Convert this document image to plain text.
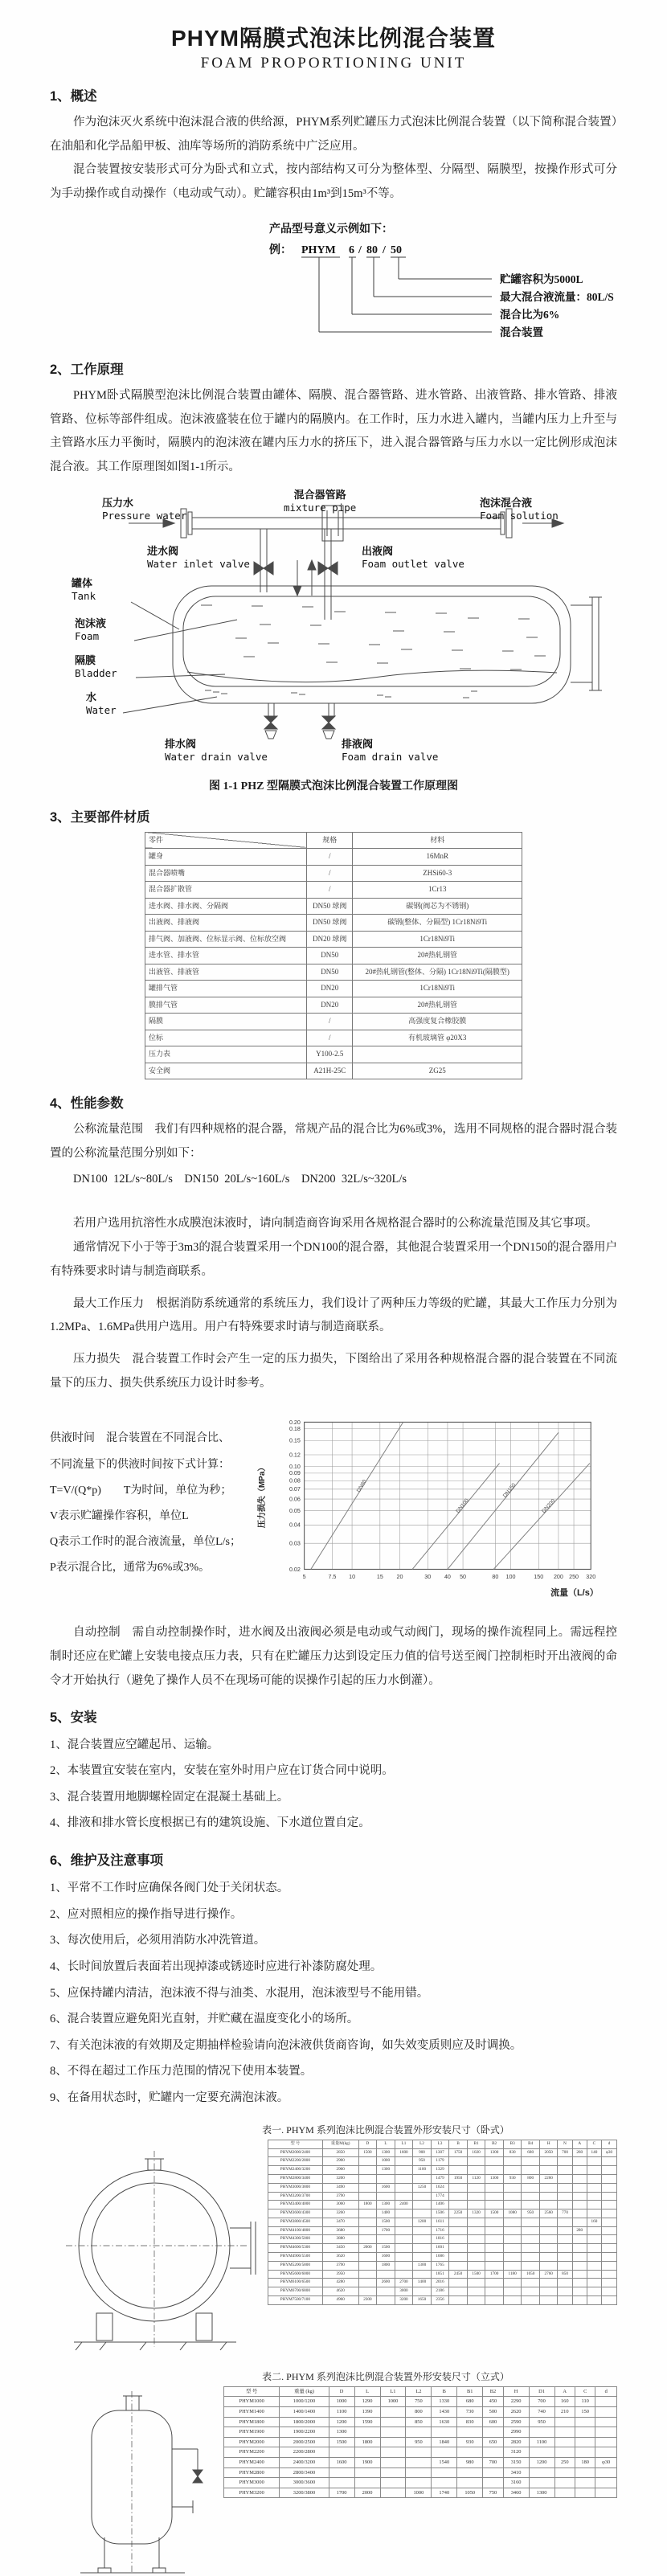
PHYM隔膜式泡沫比例混合装置
FOAM PROPORTIONING UNIT
1、概述

作为泡沫灭火系统中泡沫混合液的供给源，PHYM系列贮罐压力式泡沫比例混合装置（以下简称混合装置）在油船和化学品船甲板、油库等场所的消防系统中广泛应用。

混合装置按安装形式可分为卧式和立式，按内部结构又可分为整体型、分隔型、隔膜型，按操作形式可分为手动操作或自动操作（电动或气动）。贮罐容积由1m³到15m³不等。

产品型号意义示例如下：
例： PHYM 6 / 80 / 50
贮罐容积为5000L
最大混合液流量：80L/S
混合比为6%
混合装置
2、工作原理

PHYM卧式隔膜型泡沫比例混合装置由罐体、隔膜、混合器管路、进水管路、出液管路、排水管路、排液管路、位标等部件组成。泡沫液盛装在位于罐内的隔膜内。在工作时，压力水进入罐内，当罐内压力上升至与主管路水压力平衡时，隔膜内的泡沫液在罐内压力水的挤压下，进入混合器管路与压力水以一定比例形成泡沫混合液。其工作原理图如图1-1所示。

混合器管路
mixture pipe
压力水
Pressure water
泡沫混合液
Foam solution
进水阀
Water inlet valve
出液阀
Foam outlet valve
罐体
Tank
泡沫液
Foam
隔膜
Bladder
水
Water
排水阀
Water drain valve
排液阀
Foam drain valve
图 1-1 PHZ 型隔膜式泡沫比例混合装置工作原理图
3、主要部件材质
零件	规格	材料
罐身	/	16MnR
混合器喷嘴	/	ZHSi60-3
混合器扩散管	/	1Cr13
进水阀、排水阀、分隔阀	DN50 球阀	碳钢(阀芯为不锈钢)
出液阀、排液阀	DN50 球阀	碳钢(整体、分隔型) 1Cr18Ni9Ti
排气阀、加液阀、位标显示阀、位标放空阀	DN20 球阀	1Cr18Ni9Ti
进水管、排水管	DN50	20#热轧钢管
出液管、排液管	DN50	20#热轧钢管(整体、分隔) 1Cr18Ni9Ti(隔膜型)
罐排气管	DN20	1Cr18Ni9Ti
膜排气管	DN20	20#热轧钢管
隔膜	/	高强度复合橡胶膜
位标	/	有机玻璃管 φ20X3
压力表	Y100-2.5	
安全阀	A21H-25C	ZG25
4、性能参数

公称流量范围　我们有四种规格的混合器，常规产品的混合比为6%或3%，选用不同规格的混合器时混合装置的公称流量范围分别如下：

DN100  12L/s~80L/s    DN150  20L/s~160L/s    DN200  32L/s~320L/s

若用户选用抗溶性水成膜泡沫液时，请向制造商咨询采用各规格混合器时的公称流量范围及其它事项。

通常情况下小于等于3m3的混合装置采用一个DN100的混合器，其他混合装置采用一个DN150的混合器用户有特殊要求时请与制造商联系。

最大工作压力　根据消防系统通常的系统压力，我们设计了两种压力等级的贮罐，其最大工作压力分别为1.2MPa、1.6MPa供用户选用。用户有特殊要求时请与制造商联系。

压力损失　混合装置工作时会产生一定的压力损失，下图给出了采用各种规格混合器的混合装置在不同流量下的压力、损失供系统压力设计时参考。

供液时间　混合装置在不同混合比、
不同流量下的供液时间按下式计算：
T=V/(Q*p)　　T为时间，单位为秒；
V表示贮罐操作容积，单位L
Q表示工作时的混合液流量，单位L/s；
P表示混合比，通常为6%或3%。	0.02
0.03
0.04
0.05
0.06
0.07
0.08
0.09
0.10
0.12
0.15
0.18
0.20
5	7.5 10	15 20	30 40 50	80 100	150 200 250 320
DN80
DN100
DN150
DN200
压力损失（MPa）
流量（L/s）

自动控制　需自动控制操作时，进水阀及出液阀必须是电动或气动阀门，现场的操作流程同上。需远程控制时还应在贮罐上安装电接点压力表，只有在贮罐压力达到设定压力值的信号送至阀门控制柜时开出液阀的命令才开始执行（避免了操作人员不在现场可能的误操作引起的压力水倒灌）。

5、安装
1、混合装置应空罐起吊、运输。
2、本装置宜安装在室内，安装在室外时用户应在订货合同中说明。
3、混合装置用地脚螺栓固定在混凝土基础上。
4、排液和排水管长度根据已有的建筑设施、下水道位置自定。
6、维护及注意事项
1、平常不工作时应确保各阀门处于关闭状态。
2、应对照相应的操作指导进行操作。
3、每次使用后，必须用消防水冲洗管道。
4、长时间放置后表面若出现掉漆或锈迹时应进行补漆防腐处理。
5、应保持罐内清洁，泡沫液不得与油类、水混用，泡沫液型号不能用错。
6、混合装置应避免阳光直射，并贮藏在温度变化小的场所。
7、有关泡沫液的有效期及定期抽样检验请向泡沫液供货商咨询，如失效变质则应及时调换。
8、不得在超过工作压力范围的情况下使用本装置。
9、在备用状态时，贮罐内一定要充满泡沫液。
表一. PHYM 系列泡沫比例混合装置外形安装尺寸（卧式）
型 号	重量M(kg)	D	L	L1	L2	L3	B	B1	B2	B3	B4	H	N	A	C	d
PHYM2000/2400	2850	1500	1300	1600	900	1307	1750	1020	1300	830	680	2050	700	260	140	φ30
PHYM2200/2800	2900		1000		950	1179										
PHYM2400/3200	2900		1300		1100	1329										
PHYM2800/3400	3200					1479	1950	1120	1300	930	800	2260				
PHYM3000/3800	3490		1600		1250	1624										
PHYM3200/3700	3790					1774										
PHYM3400/4000	3060	1800	1300	2400		1406										
PHYM3600/4300	3260		1400			1506	2250	1320	1500	1080	950	2560	770			
PHYM3800/4500	3470		1500		1200	1611									160	
PHYM4100/4800	3680		1700			1716								280		
PHYM4300/5000	3880					1816										
PHYM4600/5300	3450	2000	1500			1601										
PHYM4900/5500	3620		1600			1686										
PHYM5200/5800	3790		1800		1300	1765										
PHYM5600/6000	3950					1851	2450	1500	1700	1180	1050	2760	850			
PHYM6100/6500	4280		2600	2700	1400	2016										
PHYM6700/6800	4620			3000		2186										
PHYM7500/7100	4960	2300		3200	1650	2356										
表二. PHYM 系列泡沫比例混合装置外形安装尺寸（立式）
型 号	重量 (kg)	D	L	L1	L2	B	B1	B2	H	D1	A	C	d
PHYM1000	1000/1200	1000	1290	1000	750	1330	680	450	2290	700	160	110	
PHYM1400	1400/1400	1100	1390		800	1430	730	500	2620	740	210	150	
PHYM1800	1800/2000	1200	1590		850	1630	830	600	2590	950			
PHYM1900	1900/2200	1300							2990				
PHYM2000	2000/2500	1500	1800		950	1840	930	650	2820	1100			
PHYM2200	2200/2800								3120				
PHYM2400	2400/3200	1600	1900			1540	980	700	3150	1200	250	180	φ30
PHYM2800	2800/3400								3410				
PHYM3000	3000/3600								3160				
PHYM3200	3200/3800	1700	2000		1000	1740	1050	750	3460	1300			
